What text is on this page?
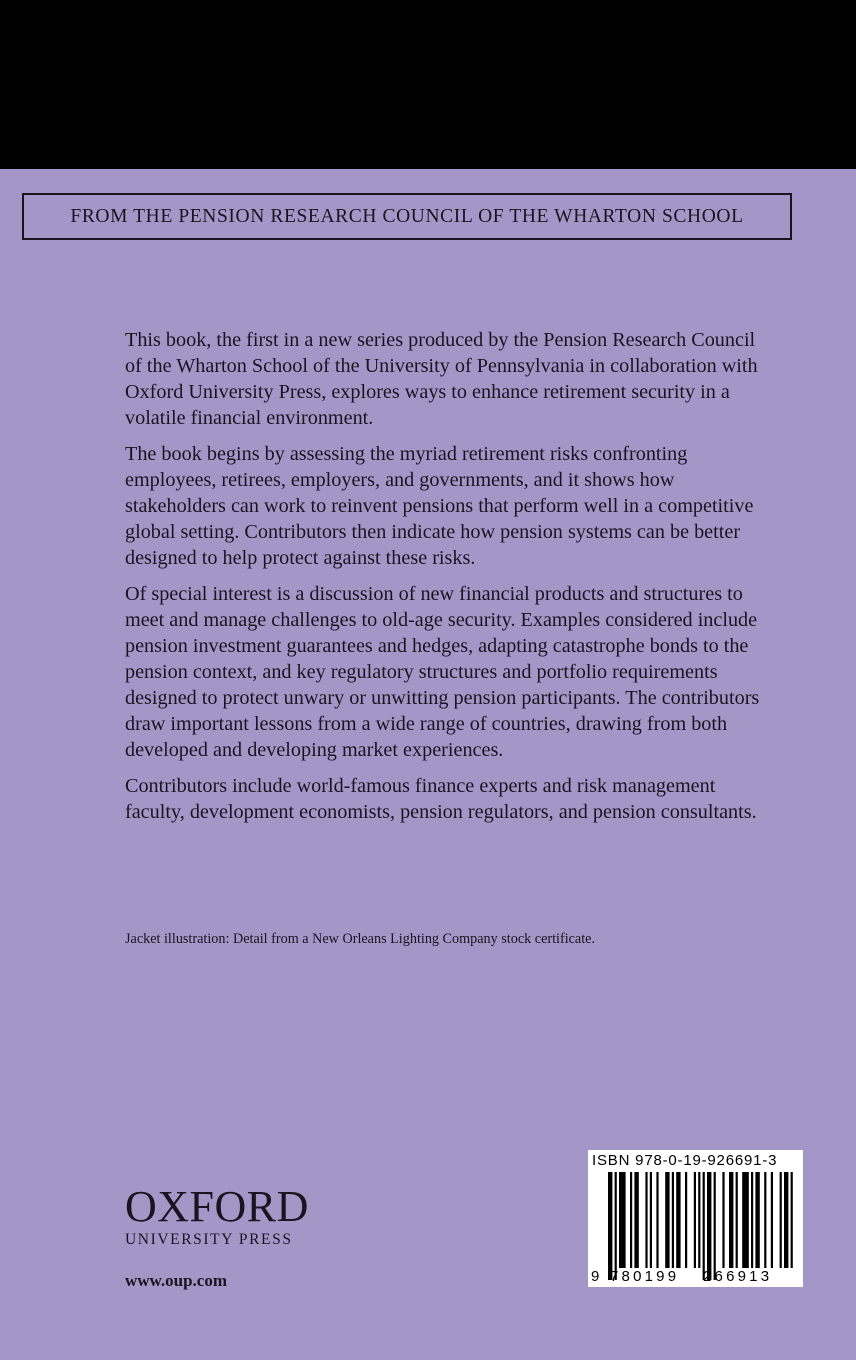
FROM THE PENSION RESEARCH COUNCIL OF THE WHARTON SCHOOL

This book, the first in a new series produced by the Pension Research Council of the Wharton School of the University of Pennsylvania in collaboration with Oxford University Press, explores ways to enhance retirement security in a volatile financial environment.

The book begins by assessing the myriad retirement risks confronting employees, retirees, employers, and governments, and it shows how stakeholders can work to reinvent pensions that perform well in a competitive global setting. Contributors then indicate how pension systems can be better designed to help protect against these risks.

Of special interest is a discussion of new financial products and structures to meet and manage challenges to old-age security. Examples considered include pension investment guarantees and hedges, adapting catastrophe bonds to the pension context, and key regulatory structures and portfolio requirements designed to protect unwary or unwitting pension participants. The contributors draw important lessons from a wide range of countries, drawing from both developed and developing market experiences.

Contributors include world-famous finance experts and risk management faculty, development economists, pension regulators, and pension consultants.

Jacket illustration: Detail from a New Orleans Lighting Company stock certificate.
OXFORD
UNIVERSITY PRESS
www.oup.com
ISBN 978-0-19-926691-3
9 780199 266913
